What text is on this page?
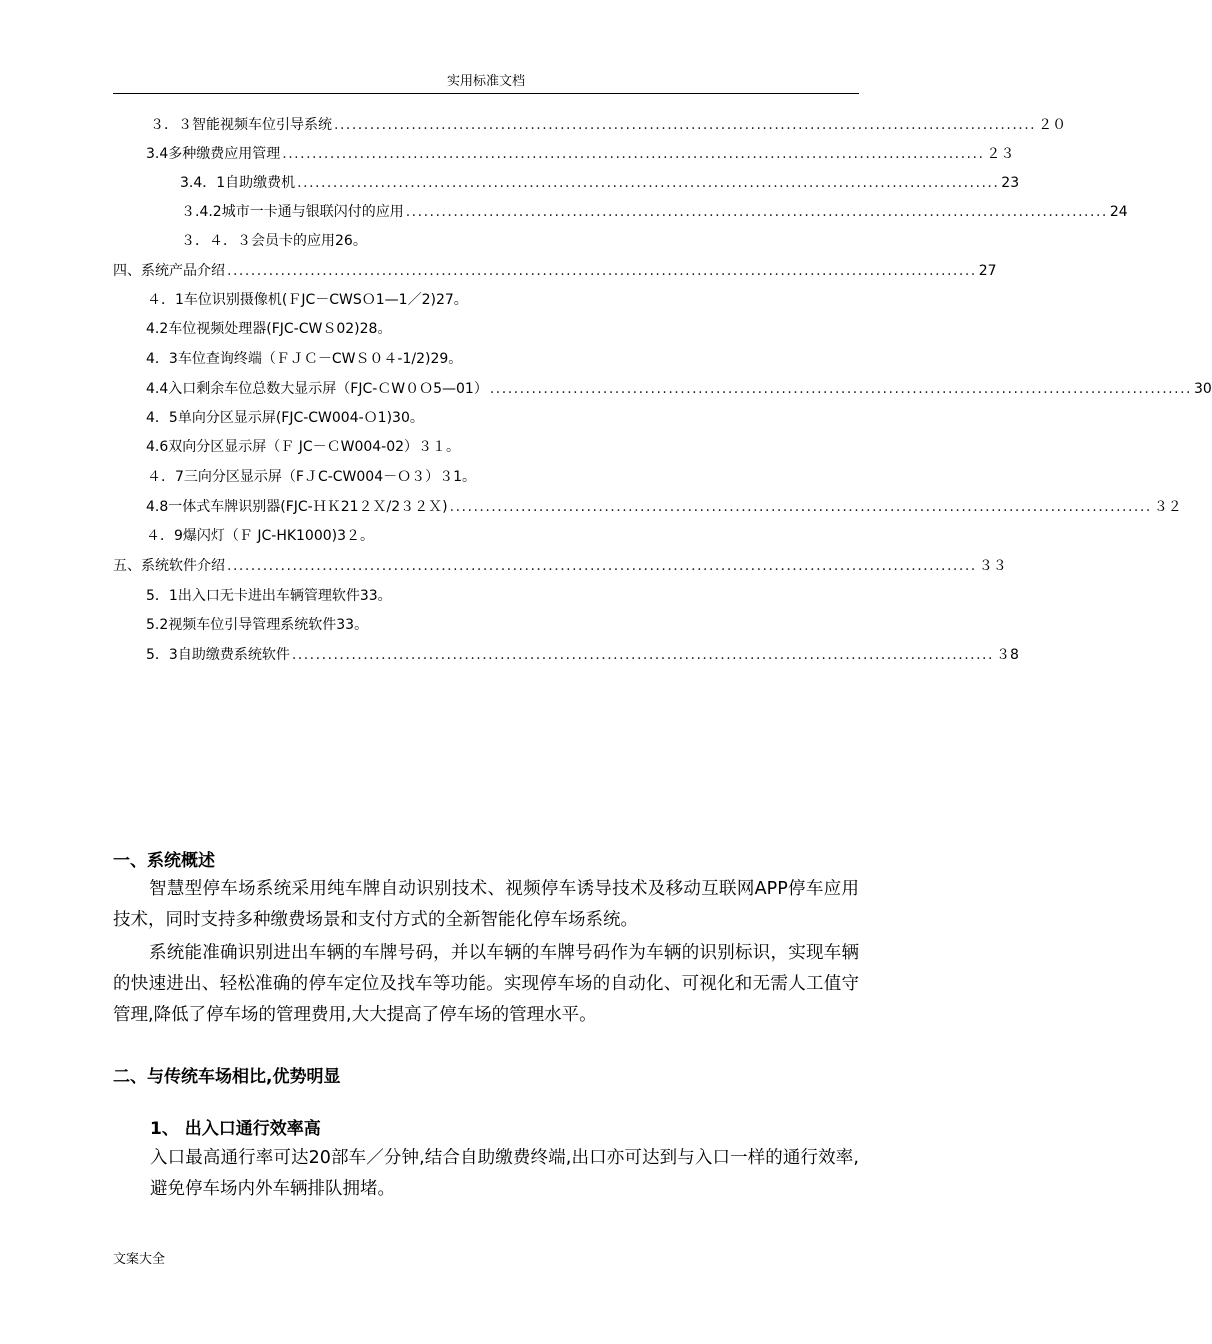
实用标准文档
３．３智能视频车位引导系统 ...................................................................................................................... ２０
3.4多种缴费应用管理 ...................................................................................................................... ２３
3.4．1自助缴费机 ...................................................................................................................... 23
３.4.2城市一卡通与银联闪付的应用 ...................................................................................................................... 24
３．４．３会员卡的应用26。
四、系统产品介绍 .............................................................................................................................. 27
４．1车位识别摄像机(ＦJC－CWSＯ1—1／2)27。
4.2车位视频处理器(FJC-CWＳ02)28。
4．3车位查询终端（ＦＪＣ－CWＳ０４-1/2)29。
4.4入口剩余车位总数大显示屏（FJC-ＣW０Ｏ5—01） ...................................................................................................................... 30
4．5单向分区显示屏(FJC-CW004-Ｏ1)30。
4.6双向分区显示屏（Ｆ JC－ＣW004-02）３１。
４．7三向分区显示屏（FＪC-CW004－Ｏ３）３1。
4.8一体式车牌识别器(FJC-ＨＫ21２Ｘ/2３２Ｘ) ...................................................................................................................... ３２
４．9爆闪灯（Ｆ JC-HK1000)3２。
五、系统软件介绍 .............................................................................................................................. ３３
5．1出入口无卡进出车辆管理软件33。
5.2视频车位引导管理系统软件33。
5．3自助缴费系统软件 ...................................................................................................................... ３8
一、系统概述
智慧型停车场系统采用纯车牌自动识别技术、视频停车诱导技术及移动互联网APP停车应用技术，同时支持多种缴费场景和支付方式的全新智能化停车场系统。
系统能准确识别进出车辆的车牌号码，并以车辆的车牌号码作为车辆的识别标识，实现车辆的快速进出、轻松准确的停车定位及找车等功能。实现停车场的自动化、可视化和无需人工值守管理,降低了停车场的管理费用,大大提高了停车场的管理水平。
二、与传统车场相比,优势明显
1、 出入口通行效率高
入口最高通行率可达20部车／分钟,结合自助缴费终端,出口亦可达到与入口一样的通行效率,避免停车场内外车辆排队拥堵。
文案大全
